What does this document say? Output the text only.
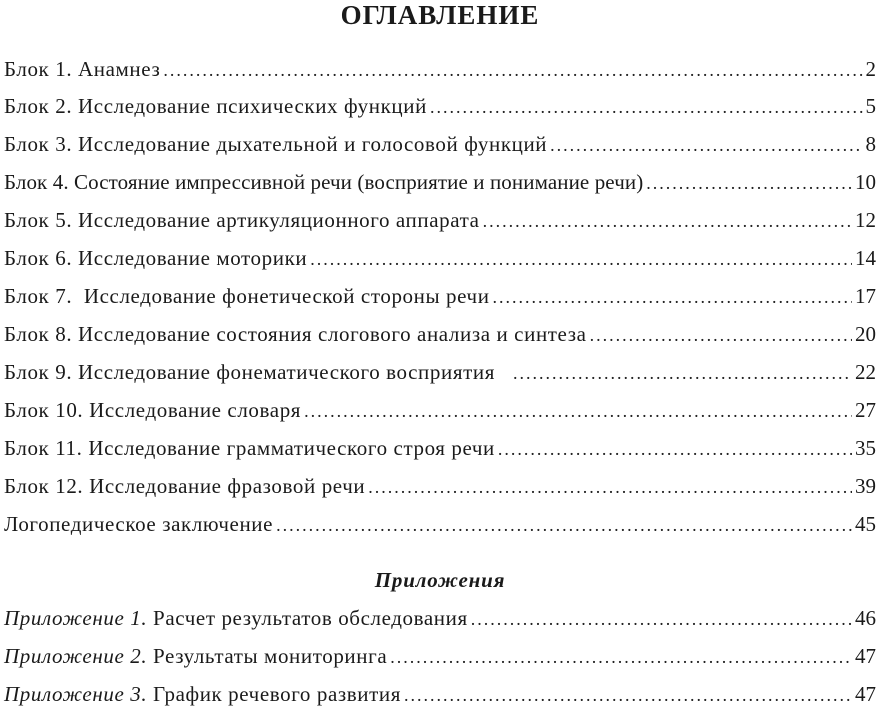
ОГЛАВЛЕНИЕ
Блок 1. Анамнез .....	2
Блок 2. Исследование психических функций .....	5
Блок 3. Исследование дыхательной и голосовой функций .....	8
Блок 4. Состояние импрессивной речи (восприятие и понимание речи) .....	10
Блок 5. Исследование артикуляционного аппарата .....	12
Блок 6. Исследование моторики .....	14
Блок 7.  Исследование фонетической стороны речи .....	17
Блок 8. Исследование состояния слогового анализа и синтеза .....	20
Блок 9. Исследование фонематического восприятия .....	22
Блок 10. Исследование словаря .....	27
Блок 11. Исследование грамматического строя речи .....	35
Блок 12. Исследование фразовой речи .....	39
Логопедическое заключение .....	45
Приложения
Приложение 1. Расчет результатов обследования .....	46
Приложение 2. Результаты мониторинга .....	47
Приложение 3. График речевого развития .....	47
